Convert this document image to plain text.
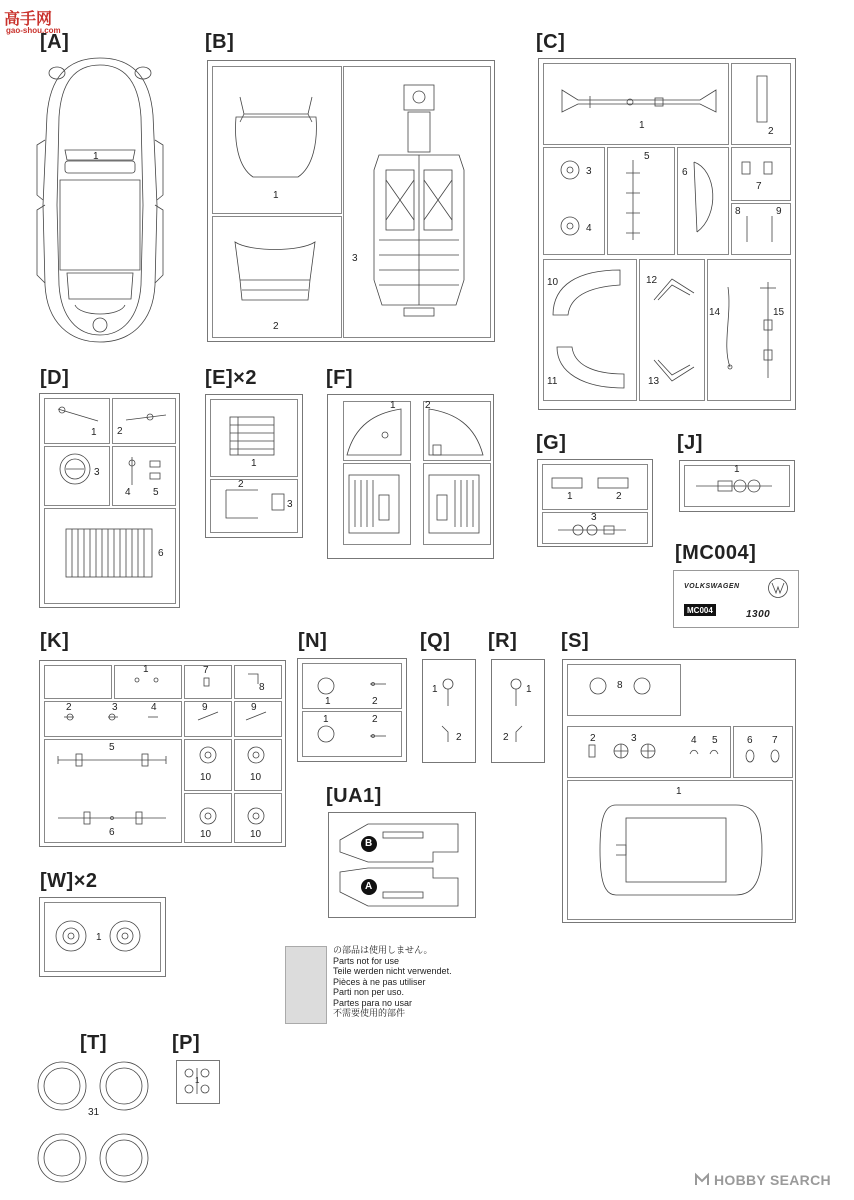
高手网
gao-shou.com
[A]
1
[B]
1
2
3
[C]
1
2
3
4
5
6
7
8	9
10
11
12
13
14	15
[D]
1 2
3
4 5
6
[E]×2
1
2
3
[F]
1	2
[G]
1	2
3
[J]
1
[MC004]
VOLKSWAGEN
MC004	1300
[K]
1	7
8
2	3	4	9	9
5
10	10
6	10	10
[N]
1	2
1	2
[Q]
1
2
[R]
1
2
[S]
8
2	3	4 5	6 7
1
[UA1]
B
A
[W]×2
1
の部品は使用しません。
Parts not for use
Teile werden nicht verwendet.
Pièces à ne pas utiliser
Parti non per uso.
Partes para no usar
不需要使用的部件
[T]
31
[P]
1
HOBBY SEARCH
